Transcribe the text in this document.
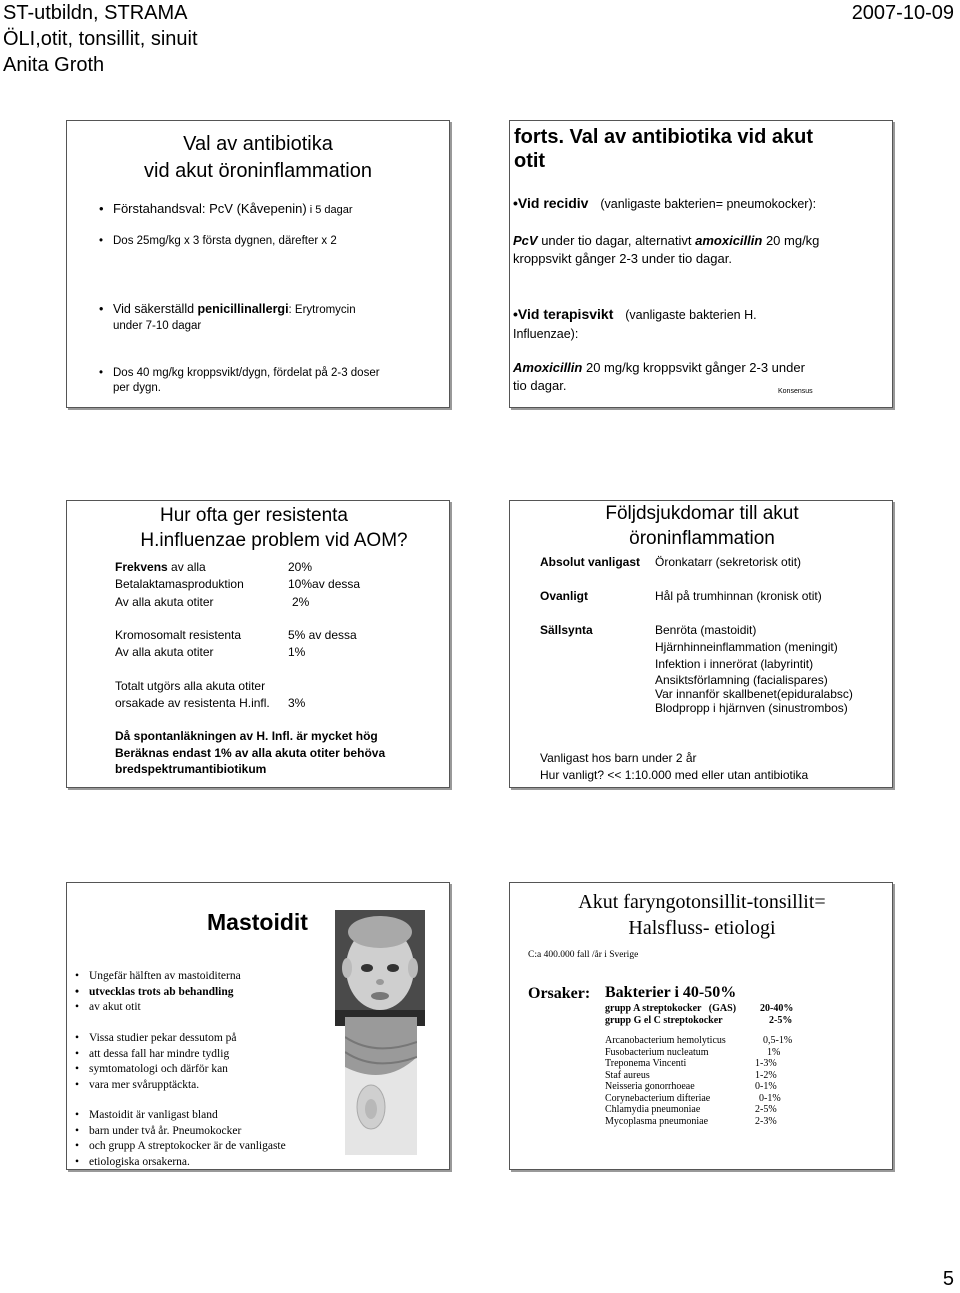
ST-utbildn, STRAMA
ÖLI,otit, tonsillit, sinuit
Anita Groth
2007-10-09
Val av antibiotika
vid akut öroninflammation
• Förstahandsval: PcV (Kåvepenin) i 5 dagar
• Dos 25mg/kg x 3 första dygnen, därefter x 2
• Vid säkerställd penicillinallergi: Erytromycin
under 7-10 dagar
• Dos 40 mg/kg kroppsvikt/dygn, fördelat på 2-3 doser
per dygn.
forts. Val av antibiotika vid akut
otit
•Vid recidiv (vanligaste bakterien= pneumokocker):
PcV under tio dagar, alternativt amoxicillin 20 mg/kg
kroppsvikt gånger 2-3 under tio dagar.
•Vid terapisvikt (vanligaste bakterien H.
Influenzae):
Amoxicillin 20 mg/kg kroppsvikt gånger 2-3 under
tio dagar.	Konsensus
Hur ofta ger resistenta
H.influenzae problem vid AOM?
Frekvens av alla	20%
Betalaktamasproduktion	10%av dessa
Av alla akuta otiter	2%
Kromosomalt resistenta	5% av dessa
Av alla akuta otiter	1%
Totalt utgörs alla akuta otiter
orsakade av resistenta H.infl. 3%
Då spontanläkningen av H. Infl. är mycket hög
Beräknas endast 1% av alla akuta otiter behöva
bredspektrumantibiotikum
Följdsjukdomar till akut
öroninflammation
Absolut vanligast Öronkatarr (sekretorisk otit)
Ovanligt	Hål på trumhinnan (kronisk otit)
Sällsynta	Benröta (mastoidit)
Hjärnhinneinflammation (meningit)
Infektion i innerörat (labyrintit)
Ansiktsförlamning (facialispares)
Var innanför skallbenet(epiduralabsc)
Blodpropp i hjärnven (sinustrombos)
Vanligast hos barn under 2 år
Hur vanligt? << 1:10.000 med eller utan antibiotika
Mastoidit
• Ungefär hälften av mastoiditerna
• utvecklas trots ab behandling
• av akut otit
• Vissa studier pekar dessutom på
• att dessa fall har mindre tydlig
• symtomatologi och därför kan
• vara mer svårupptäckta.
• Mastoidit är vanligast bland
• barn under två år. Pneumokocker
• och grupp A streptokocker är de vanligaste
• etiologiska orsakerna.
Akut faryngotonsillit-tonsillit=
Halsfluss- etiologi
C:a 400.000 fall /år i Sverige
Orsaker: Bakterier i 40-50%
grupp A streptokocker   (GAS) 20-40%
grupp G el C streptokocker	2-5%
Arcanobacterium hemolyticus	0,5-1%
Fusobacterium nucleatum	1%
Treponema Vincenti	1-3%
Staf aureus	1-2%
Neisseria gonorrhoeae	0-1%
Corynebacterium difteriae	0-1%
Chlamydia pneumoniae	2-5%
Mycoplasma pneumoniae	2-3%
5
